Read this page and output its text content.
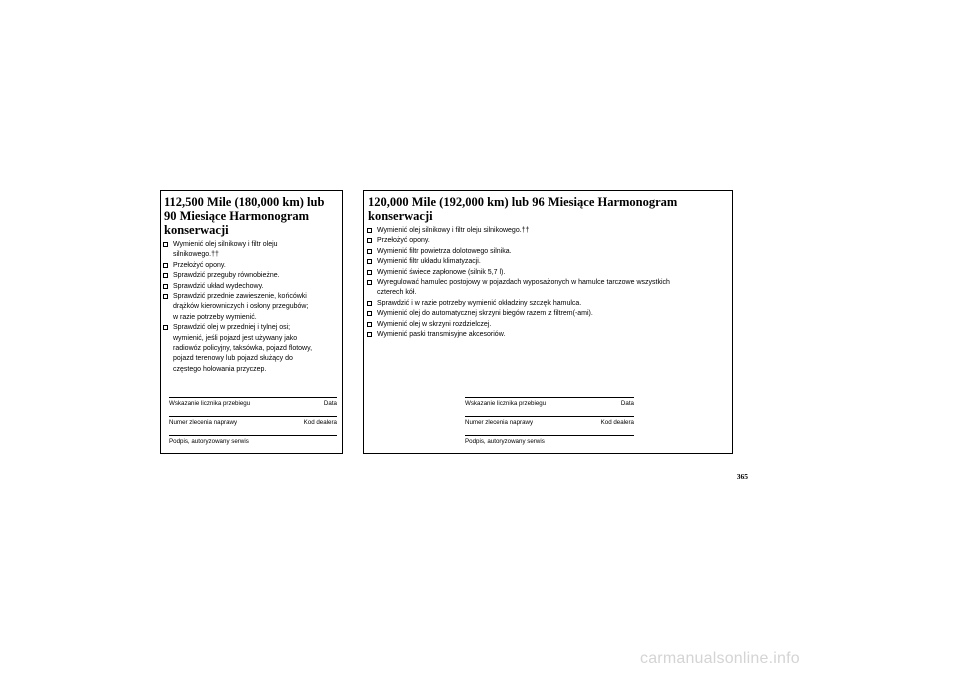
112,500 Mile (180,000 km) lub
90 Miesiące Harmonogram
konserwacji
Wymienić olej silnikowy i filtr oleju
silnikowego.††
Przełożyć opony.
Sprawdzić przeguby równobieżne.
Sprawdzić układ wydechowy.
Sprawdzić przednie zawieszenie, końcówki
drążków kierowniczych i osłony przegubów;
w razie potrzeby wymienić.
Sprawdzić olej w przedniej i tylnej osi;
wymienić, jeśli pojazd jest używany jako
radiowóz policyjny, taksówka, pojazd flotowy,
pojazd terenowy lub pojazd służący do
częstego holowania przyczep.
Wskazanie licznika przebiegu	Data
Numer zlecenia naprawy	Kod dealera
Podpis, autoryzowany serwis
120,000 Mile (192,000 km) lub 96 Miesiące Harmonogram
konserwacji
Wymienić olej silnikowy i filtr oleju silnikowego.††
Przełożyć opony.
Wymienić filtr powietrza dolotowego silnika.
Wymienić filtr układu klimatyzacji.
Wymienić świece zapłonowe (silnik 5,7 l).
Wyregulować hamulec postojowy w pojazdach wyposażonych w hamulce tarczowe wszystkich
czterech kół.
Sprawdzić i w razie potrzeby wymienić okładziny szczęk hamulca.
Wymienić olej do automatycznej skrzyni biegów razem z filtrem(-ami).
Wymienić olej w skrzyni rozdzielczej.
Wymienić paski transmisyjne akcesoriów.
Wskazanie licznika przebiegu	Data
Numer zlecenia naprawy	Kod dealera
Podpis, autoryzowany serwis
365
carmanualsonline.info
